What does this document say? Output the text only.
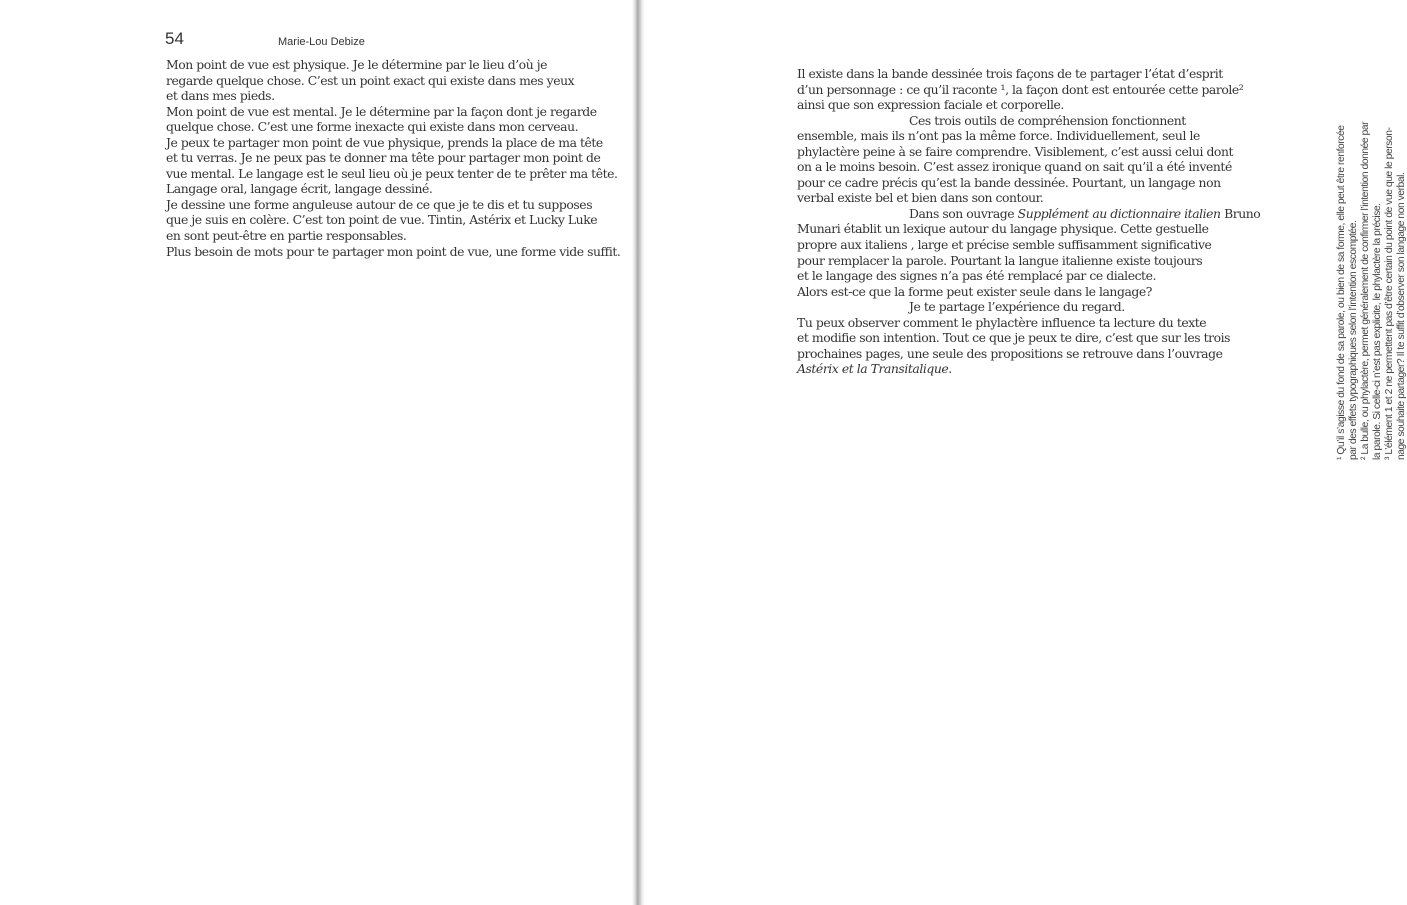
54	Marie-Lou Debize
Mon point de vue est physique. Je le détermine par le lieu d’où je
regarde quelque chose. C’est un point exact qui existe dans mes yeux
et dans mes pieds.
Mon point de vue est mental. Je le détermine par la façon dont je regarde
quelque chose. C’est une forme inexacte qui existe dans mon cerveau.
Je peux te partager mon point de vue physique, prends la place de ma tête
et tu verras. Je ne peux pas te donner ma tête pour partager mon point de
vue mental. Le langage est le seul lieu où je peux tenter de te prêter ma tête.
Langage oral, langage écrit, langage dessiné.
Je dessine une forme anguleuse autour de ce que je te dis et tu supposes
que je suis en colère. C’est ton point de vue. Tintin, Astérix et Lucky Luke
en sont peut-être en partie responsables.
Plus besoin de mots pour te partager mon point de vue, une forme vide suffit.	¹ Qu’il s’agisse du fond de sa parole, ou bien de sa forme, elle peut être renforcée par des effets typographiques selon l’intention escomptée. ² La bulle, ou phylactère, permet généralement de confirmer l’intention donnée par la parole. Si celle-ci n’est pas explicite, le phylactère la précise. ³ L’élément 1 et 2 ne permettent pas d’être certain du point de vue que le person- nage souhaite partager? Il te suffit d’observer son langage non verbal.
Il existe dans la bande dessinée trois façons de te partager l’état d’esprit
d’un personnage : ce qu’il raconte ¹, la façon dont est entourée cette parole²
ainsi que son expression faciale et corporelle.
Ces trois outils de compréhension fonctionnent
ensemble, mais ils n’ont pas la même force. Individuellement, seul le
phylactère peine à se faire comprendre. Visiblement, c’est aussi celui dont
on a le moins besoin. C’est assez ironique quand on sait qu’il a été inventé
pour ce cadre précis qu’est la bande dessinée. Pourtant, un langage non
verbal existe bel et bien dans son contour.
Dans son ouvrage Supplément au dictionnaire italien Bruno
Munari établit un lexique autour du langage physique. Cette gestuelle
propre aux italiens , large et précise semble suffisamment significative
pour remplacer la parole. Pourtant la langue italienne existe toujours
et le langage des signes n’a pas été remplacé par ce dialecte.
Alors est-ce que la forme peut exister seule dans le langage?
Je te partage l’expérience du regard.
Tu peux observer comment le phylactère influence ta lecture du texte
et modifie son intention. Tout ce que je peux te dire, c’est que sur les trois
prochaines pages, une seule des propositions se retrouve dans l’ouvrage
Astérix et la Transitalique.
